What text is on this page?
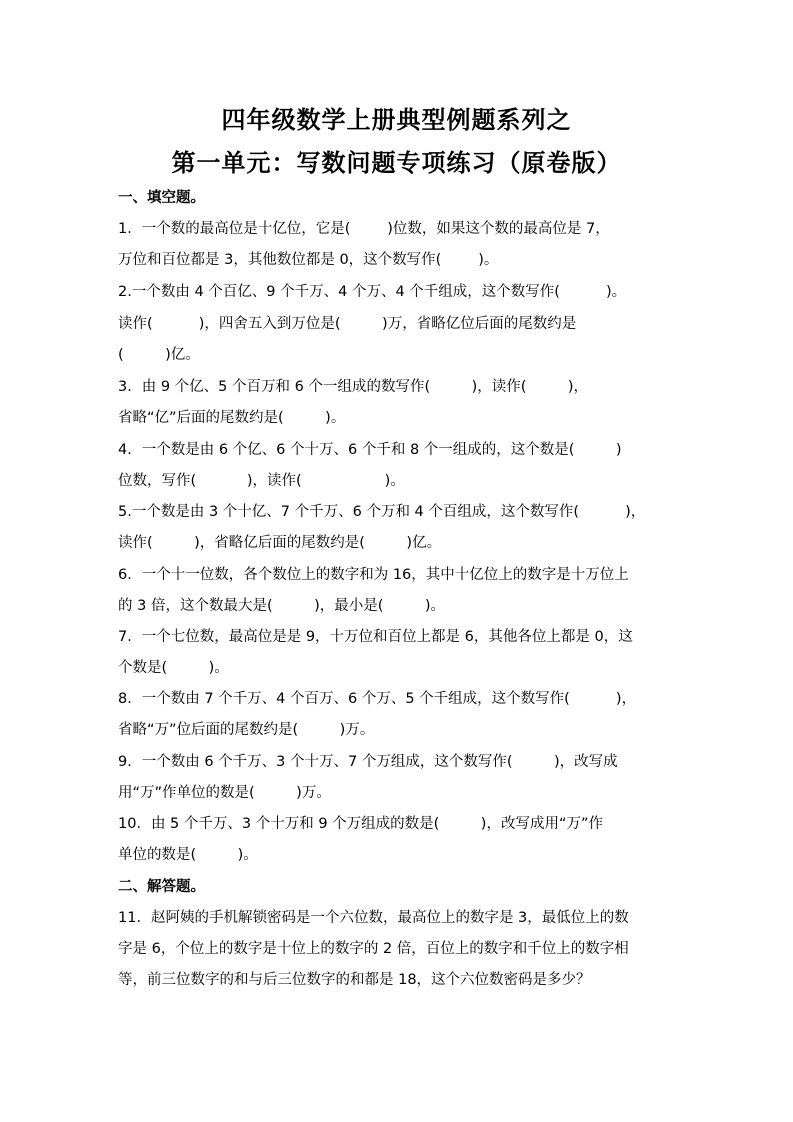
四年级数学上册典型例题系列之
第一单元：写数问题专项练习（原卷版）
一、填空题。
1．一个数的最高位是十亿位，它是(        )位数，如果这个数的最高位是 7，
万位和百位都是 3，其他数位都是 0，这个数写作(        )。
2.一个数由 4 个百亿、9 个千万、4 个万、4 个千组成，这个数写作(          )。
读作(          )，四舍五入到万位是(         )万，省略亿位后面的尾数约是
(         )亿。
3．由 9 个亿、5 个百万和 6 个一组成的数写作(         )，读作(         )，
省略“亿”后面的尾数约是(         )。
4．一个数是由 6 个亿、6 个十万、6 个千和 8 个一组成的，这个数是(         )
位数，写作(           )，读作(                  )。
5.一个数是由 3 个十亿、7 个千万、6 个万和 4 个百组成，这个数写作(          )，
读作(         )，省略亿后面的尾数约是(         )亿。
6．一个十一位数，各个数位上的数字和为 16，其中十亿位上的数字是十万位上
的 3 倍，这个数最大是(         )，最小是(         )。
7．一个七位数，最高位是是 9，十万位和百位上都是 6，其他各位上都是 0，这
个数是(         )。
8．一个数由 7 个千万、4 个百万、6 个万、5 个千组成，这个数写作(          )，
省略“万”位后面的尾数约是(         )万。
9．一个数由 6 个千万、3 个十万、7 个万组成，这个数写作(         )，改写成
用“万”作单位的数是(         )万。
10．由 5 个千万、3 个十万和 9 个万组成的数是(         )，改写成用“万”作
单位的数是(         )。
二、解答题。
11．赵阿姨的手机解锁密码是一个六位数，最高位上的数字是 3，最低位上的数
字是 6，个位上的数字是十位上的数字的 2 倍，百位上的数字和千位上的数字相
等，前三位数字的和与后三位数字的和都是 18，这个六位数密码是多少？
